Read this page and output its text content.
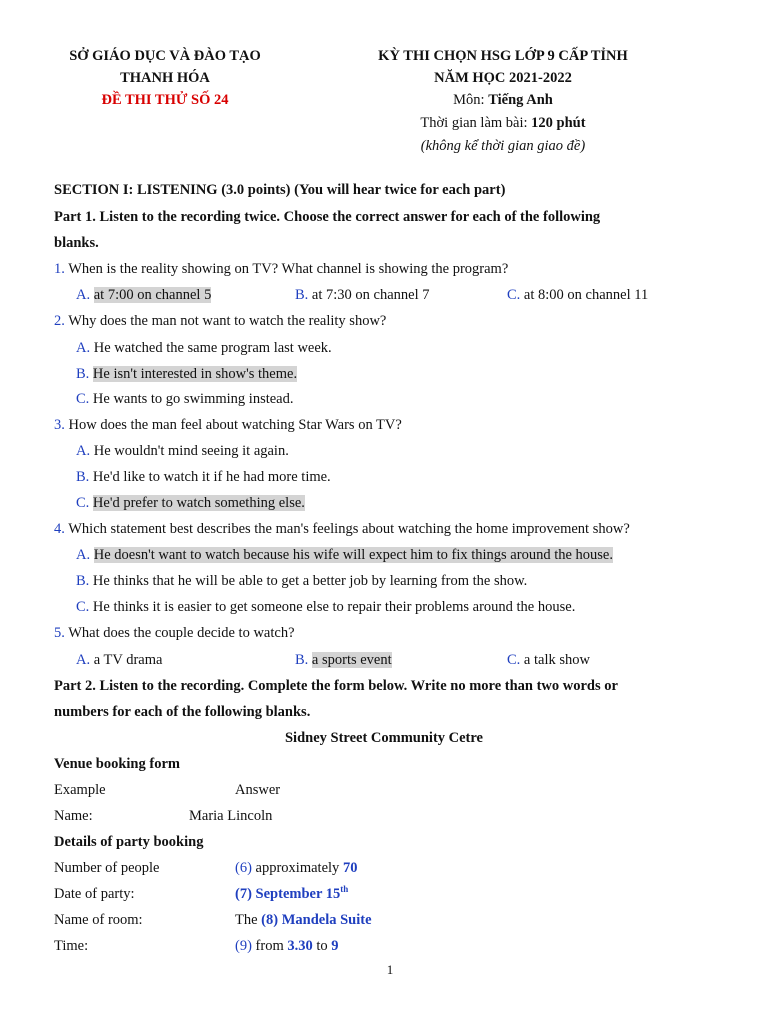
SỞ GIÁO DỤC VÀ ĐÀO TẠO
THANH HÓA
ĐỀ THI THỬ SỐ 24
KỲ THI CHỌN HSG LỚP 9 CẤP TỈNH
NĂM HỌC 2021-2022
Môn: Tiếng Anh
Thời gian làm bài: 120 phút
(không kể thời gian giao đề)
SECTION I: LISTENING (3.0 points) (You will hear twice for each part)
Part 1. Listen to the recording twice. Choose the correct answer for each of the following
blanks.
1. When is the reality showing on TV? What channel is showing the program?
A. at 7:00 on channel 5	B. at 7:30 on channel 7	C. at 8:00 on channel 11
2. Why does the man not want to watch the reality show?
A. He watched the same program last week.
B. He isn't interested in show's theme.
C. He wants to go swimming instead.
3. How does the man feel about watching Star Wars on TV?
A. He wouldn't mind seeing it again.
B. He'd like to watch it if he had more time.
C. He'd prefer to watch something else.
4. Which statement best describes the man's feelings about watching the home improvement show?
A. He doesn't want to watch because his wife will expect him to fix things around the house.
B. He thinks that he will be able to get a better job by learning from the show.
C. He thinks it is easier to get someone else to repair their problems around the house.
5. What does the couple decide to watch?
A. a TV drama	B. a sports event	C. a talk show
Part 2. Listen to the recording. Complete the form below. Write no more than two words or
numbers for each of the following blanks.
Sidney Street Community Cetre
Venue booking form
Example	Answer
Name:	Maria Lincoln
Details of party booking
Number of people	(6) approximately 70
Date of party:	(7) September 15th
Name of room:	The (8) Mandela Suite
Time:	(9) from 3.30 to 9
1
